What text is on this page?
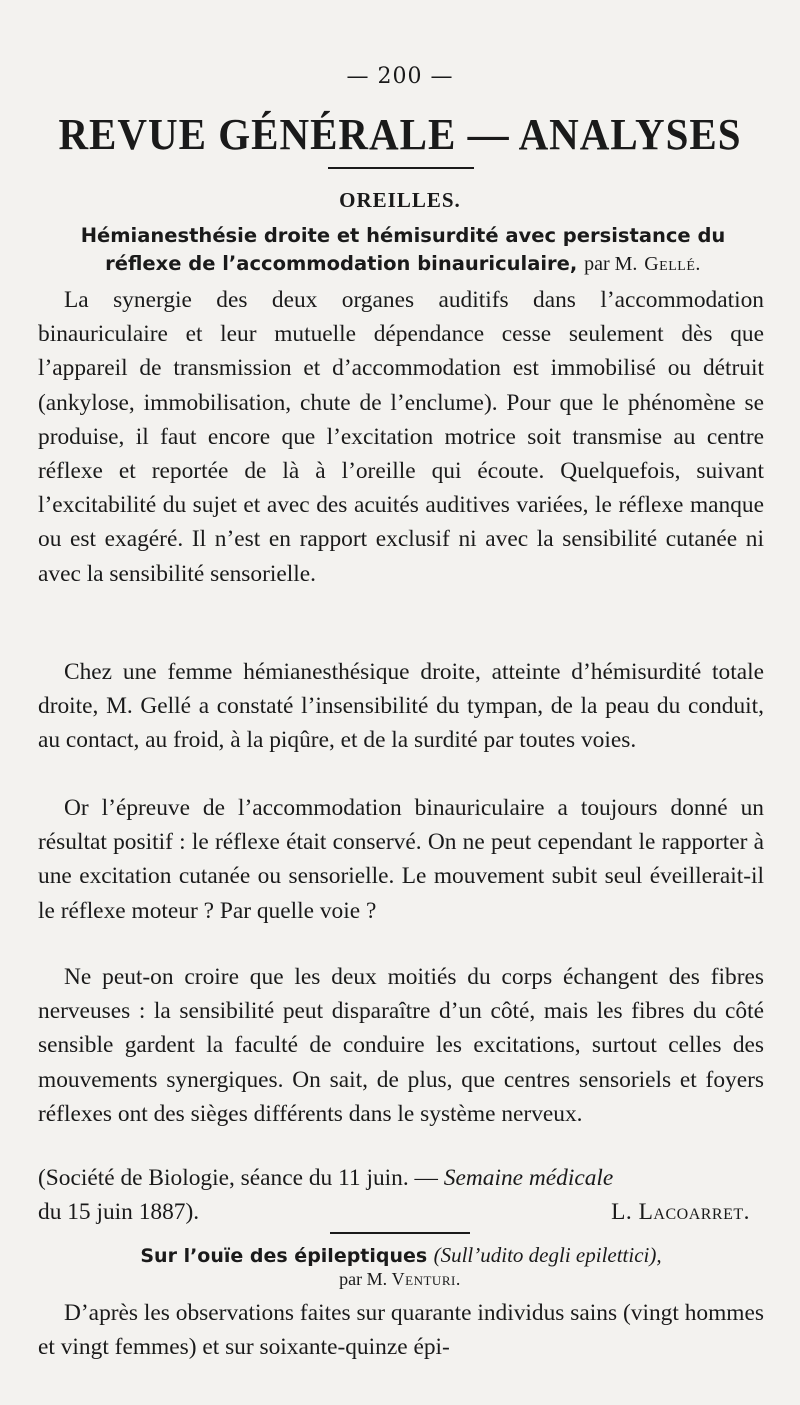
— 200 —
REVUE GÉNÉRALE — ANALYSES
OREILLES.
Hémianesthésie droite et hémisurdité avec persistance du
réflexe de l’accommodation binauriculaire, par M. Gellé.

La synergie des deux organes auditifs dans l’accommodation binauriculaire et leur mutuelle dépendance cesse seulement dès que l’appareil de transmission et d’accommodation est immobilisé ou détruit (ankylose, immobilisation, chute de l’enclume). Pour que le phénomène se produise, il faut encore que l’excitation motrice soit transmise au centre réflexe et reportée de là à l’oreille qui écoute. Quelquefois, suivant l’excitabilité du sujet et avec des acuités auditives variées, le réflexe manque ou est exagéré. Il n’est en rapport exclusif ni avec la sensibilité cutanée ni avec la sensibilité sensorielle.

Chez une femme hémianesthésique droite, atteinte d’hémisurdité totale droite, M. Gellé a constaté l’insensibilité du tympan, de la peau du conduit, au contact, au froid, à la piqûre, et de la surdité par toutes voies.

Or l’épreuve de l’accommodation binauriculaire a toujours donné un résultat positif : le réflexe était conservé. On ne peut cependant le rapporter à une excitation cutanée ou sensorielle. Le mouvement subit seul éveillerait-il le réflexe moteur ? Par quelle voie ?

Ne peut-on croire que les deux moitiés du corps échangent des fibres nerveuses : la sensibilité peut disparaître d’un côté, mais les fibres du côté sensible gardent la faculté de conduire les excitations, surtout celles des mouvements synergiques. On sait, de plus, que centres sensoriels et foyers réflexes ont des sièges différents dans le système nerveux.

(Société de Biologie, séance du 11 juin. — Semaine médicale
du 15 juin 1887).	L. Lacoarret.
Sur l’ouïe des épileptiques (Sull’udito degli epilettici),
par M. Venturi.

D’après les observations faites sur quarante individus sains (vingt hommes et vingt femmes) et sur soixante-quinze épi-
